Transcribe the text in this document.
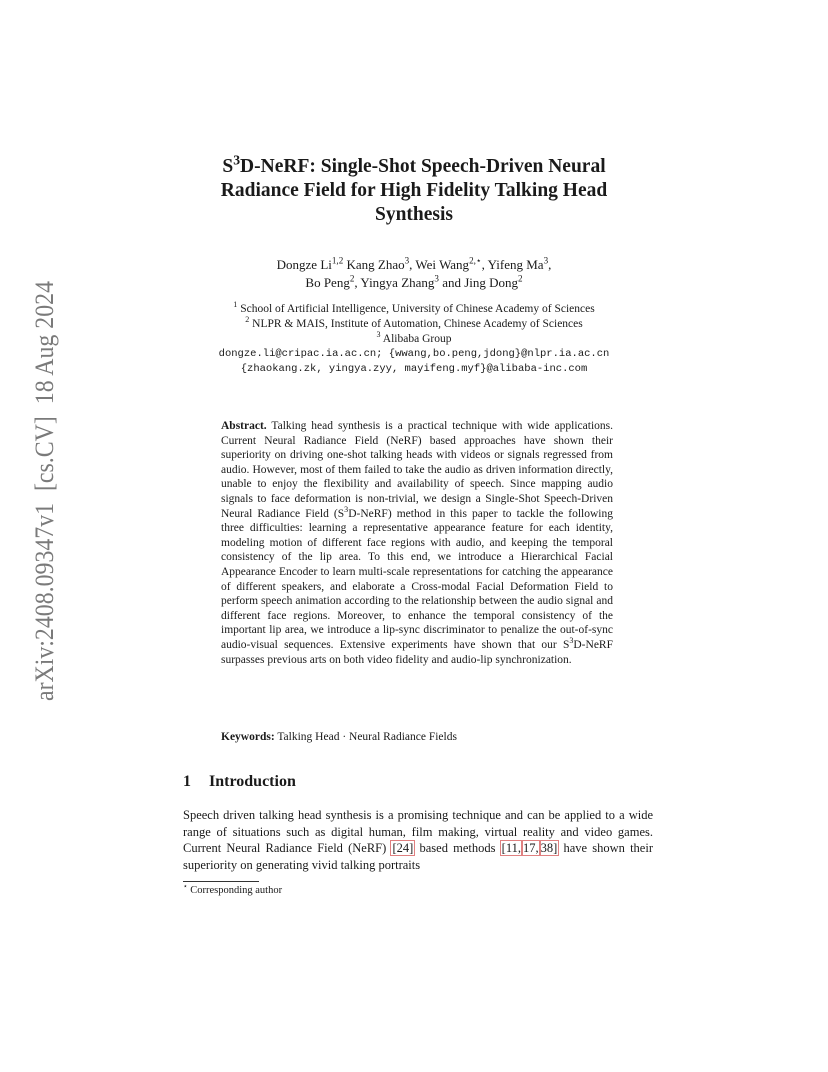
arXiv:2408.09347v1  [cs.CV]  18 Aug 2024
$S^3D$-NeRF: Single-Shot Speech-Driven Neural
Radiance Field for High Fidelity Talking Head
Synthesis
Dongze Li$^{1,2}$ Kang Zhao$^3$, Wei Wang$^{2,⋆}$, Yifeng Ma$^3$,
Bo Peng$^2$, Yingya Zhang$^3$ and Jing Dong$^2$
$^1$ School of Artificial Intelligence, University of Chinese Academy of Sciences
$^2$ NLPR & MAIS, Institute of Automation, Chinese Academy of Sciences
$^3$ Alibaba Group
dongze.li@cripac.ia.ac.cn; {wwang,bo.peng,jdong}@nlpr.ia.ac.cn
{zhaokang.zk, yingya.zyy, mayifeng.myf}@alibaba-inc.com
Abstract. Talking head synthesis is a practical technique with wide applications. Current Neural Radiance Field (NeRF) based approaches have shown their superiority on driving one-shot talking heads with videos or signals regressed from audio. However, most of them failed to take the audio as driven information directly, unable to enjoy the flexibility and availability of speech. Since mapping audio signals to face deformation is non-trivial, we design a Single-Shot Speech-Driven Neural Radiance Field $(S^3D-NeRF)$ method in this paper to tackle the following three difficulties: learning a representative appearance feature for each identity, modeling motion of different face regions with audio, and keeping the temporal consistency of the lip area. To this end, we introduce a Hierarchical Facial Appearance Encoder to learn multi-scale representations for catching the appearance of different speakers, and elaborate a Cross-modal Facial Deformation Field to perform speech animation according to the relationship between the audio signal and different face regions. Moreover, to enhance the temporal consistency of the important lip area, we introduce a lip-sync discriminator to penalize the out-of-sync audio-visual sequences. Extensive experiments have shown that our $S^3D$-NeRF surpasses previous arts on both video fidelity and audio-lip synchronization.
Keywords: Talking Head · Neural Radiance Fields
1 Introduction
Speech driven talking head synthesis is a promising technique and can be applied to a wide range of situations such as digital human, film making, virtual reality and video games. Current Neural Radiance Field (NeRF) [24] based methods [11, 17, 38] have shown their superiority on generating vivid talking portraits
⋆ Corresponding author
